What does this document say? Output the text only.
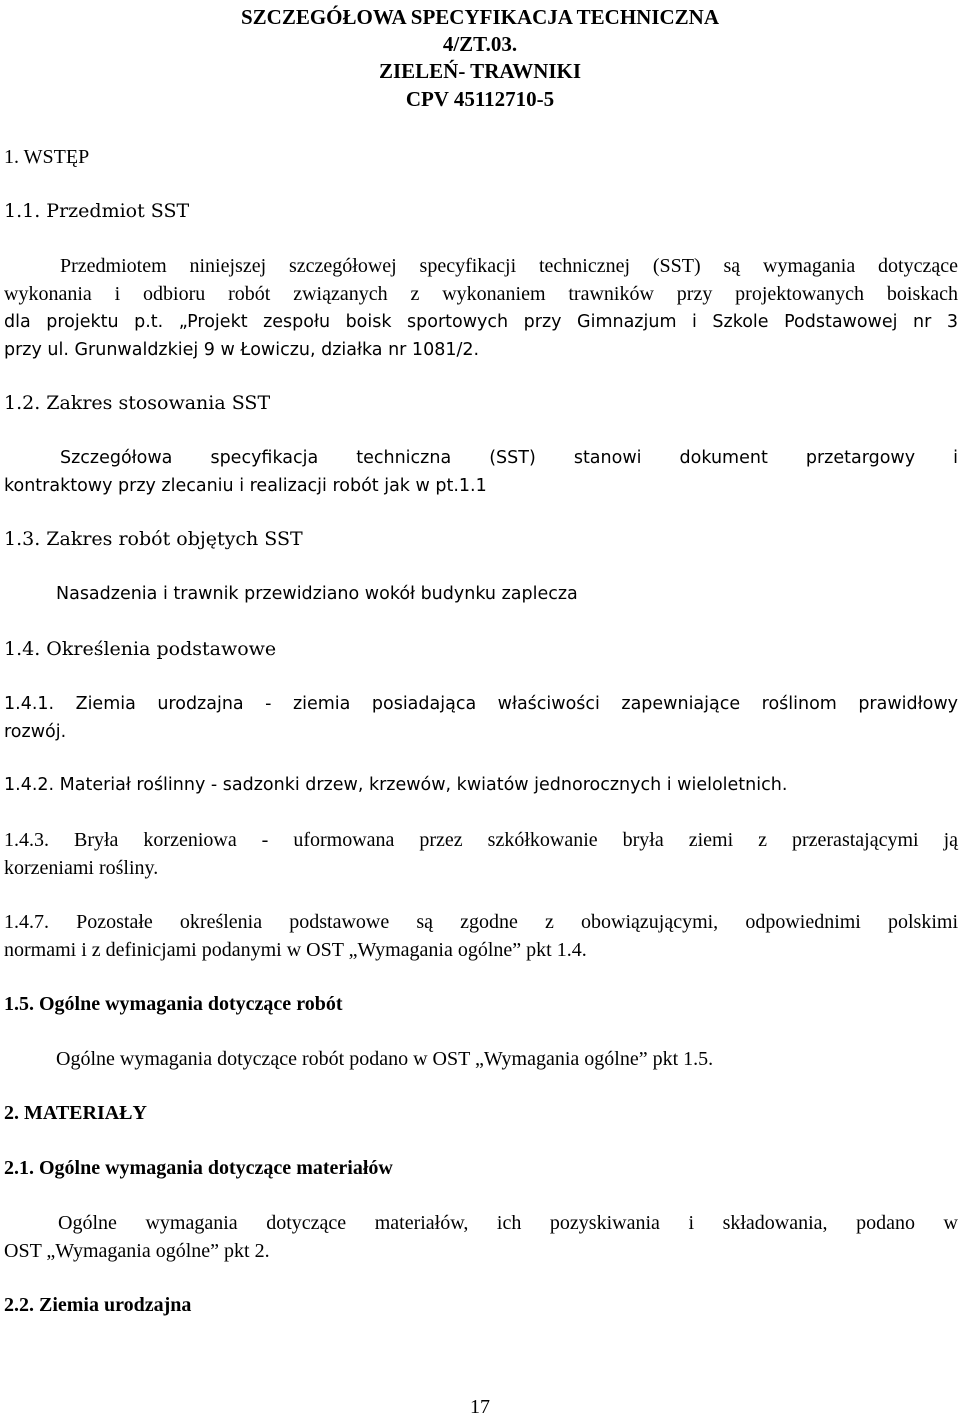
SZCZEGÓŁOWA SPECYFIKACJA TECHNICZNA
4/ZT.03.
ZIELEŃ- TRAWNIKI
CPV 45112710-5
1. WSTĘP
1.1. Przedmiot SST
Przedmiotem niniejszej szczegółowej specyfikacji technicznej (SST) są wymagania dotyczące
wykonania i odbioru robót związanych z wykonaniem trawników przy projektowanych boiskach
dla projektu p.t. „Projekt zespołu boisk sportowych przy Gimnazjum i Szkole Podstawowej nr 3
przy ul. Grunwaldzkiej 9 w Łowiczu, działka nr 1081/2.
1.2. Zakres stosowania SST
Szczegółowa specyfikacja techniczna (SST) stanowi dokument przetargowy i
kontraktowy przy zlecaniu i realizacji robót jak w pt.1.1
1.3. Zakres robót objętych SST
Nasadzenia i trawnik przewidziano wokół budynku zaplecza
1.4. Określenia podstawowe
1.4.1. Ziemia urodzajna - ziemia posiadająca właściwości zapewniające roślinom prawidłowy
rozwój.
1.4.2. Materiał roślinny - sadzonki drzew, krzewów, kwiatów jednorocznych i wieloletnich.
1.4.3. Bryła korzeniowa - uformowana przez szkółkowanie bryła ziemi z przerastającymi ją
korzeniami rośliny.
1.4.7. Pozostałe określenia podstawowe są zgodne z obowiązującymi, odpowiednimi polskimi
normami i z definicjami podanymi w OST „Wymagania ogólne” pkt 1.4.
1.5. Ogólne wymagania dotyczące robót
Ogólne wymagania dotyczące robót podano w OST „Wymagania ogólne” pkt 1.5.
2. MATERIAŁY
2.1. Ogólne wymagania dotyczące materiałów
Ogólne wymagania dotyczące materiałów, ich pozyskiwania i składowania, podano w
OST „Wymagania ogólne” pkt 2.
2.2. Ziemia urodzajna
17
